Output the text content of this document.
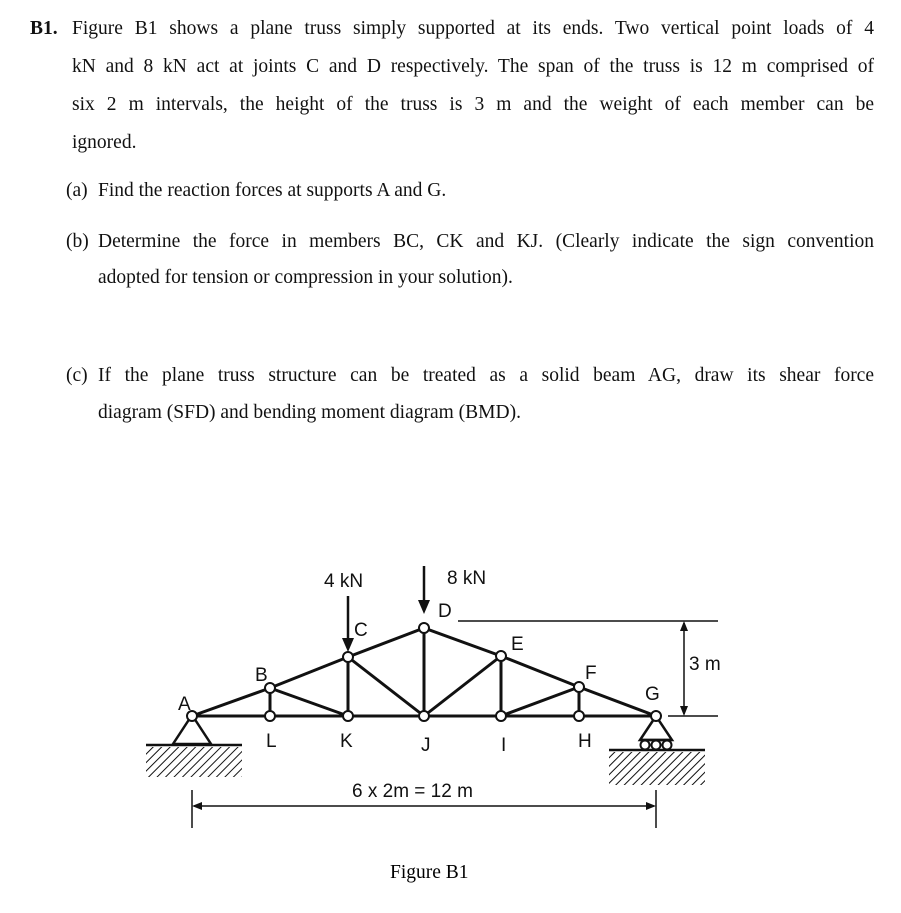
B1. Figure B1 shows a plane truss simply supported at its ends. Two vertical point loads of 4
kN and 8 kN act at joints C and D respectively. The span of the truss is 12 m comprised of
six 2 m intervals, the height of the truss is 3 m and the weight of each member can be
ignored.
(a) Find the reaction forces at supports A and G.
(b) Determine the force in members BC, CK and KJ. (Clearly indicate the sign convention
adopted for tension or compression in your solution).
(c) If the plane truss structure can be treated as a solid beam AG, draw its shear force
diagram (SFD) and bending moment diagram (BMD).
4 kN	8 kN
A
B
C
D
E
F
G
H
I
J
K
L
3 m
6 x 2m = 12 m
Figure B1
